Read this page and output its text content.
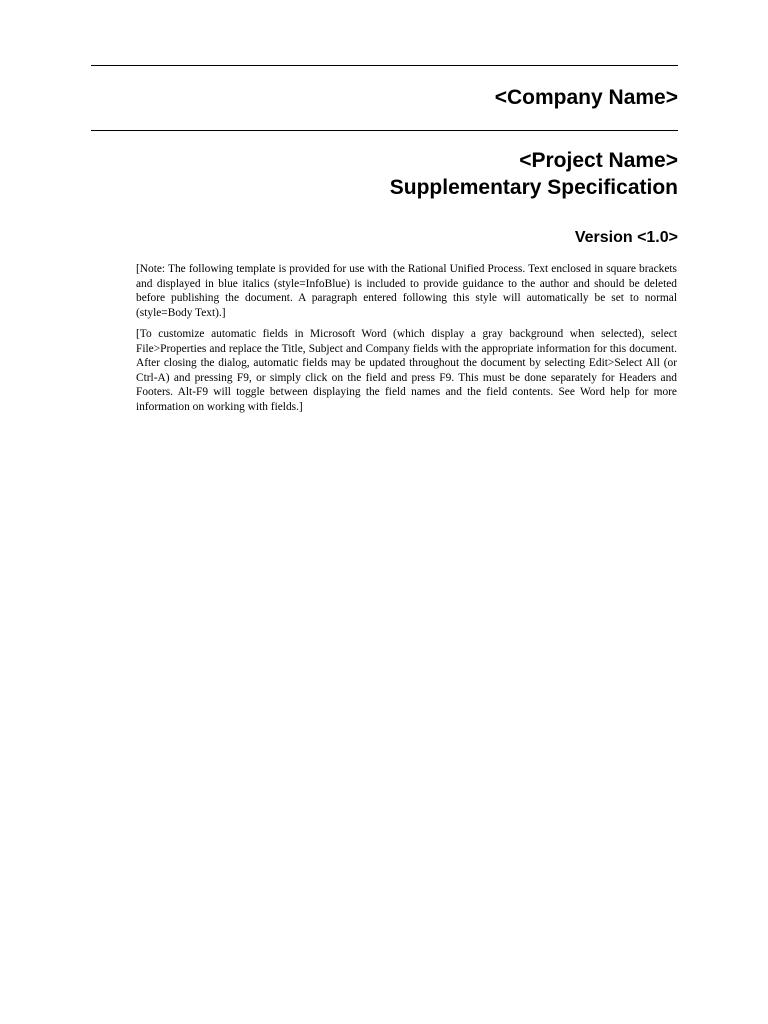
<Company Name>
<Project Name>
Supplementary Specification
Version <1.0>

[Note: The following template is provided for use with the Rational Unified Process. Text enclosed in square brackets and displayed in blue italics (style=InfoBlue) is included to provide guidance to the author and should be deleted before publishing the document. A paragraph entered following this style will automatically be set to normal (style=Body Text).]

[To customize automatic fields in Microsoft Word (which display a gray background when selected), select File>Properties and replace the Title, Subject and Company fields with the appropriate information for this document. After closing the dialog, automatic fields may be updated throughout the document by selecting Edit>Select All (or Ctrl-A) and pressing F9, or simply click on the field and press F9. This must be done separately for Headers and Footers. Alt-F9 will toggle between displaying the field names and the field contents. See Word help for more information on working with fields.]
